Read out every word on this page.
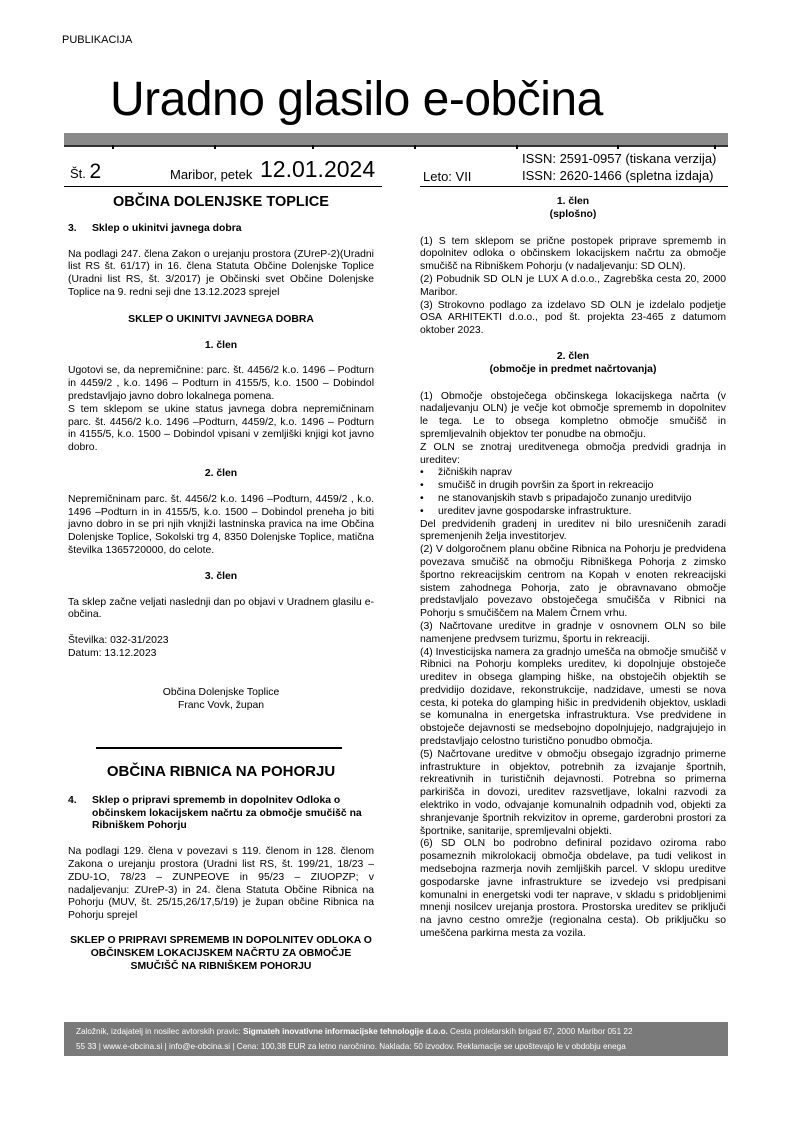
PUBLIKACIJA
Uradno glasilo e-občina
Št. 2	Maribor, petek 12.01.2024	Leto: VII
ISSN: 2591-0957 (tiskana verzija)
ISSN: 2620-1466 (spletna izdaja)

OBČINA DOLENJSKE TOPLICE

3.	Sklep o ukinitvi javnega dobra

Na podlagi 247. člena Zakon o urejanju prostora (ZUreP-2)(Uradni list RS št. 61/17) in 16. člena Statuta Občine Dolenjske Toplice (Uradni list RS, št. 3/2017) je Občinski svet Občine Dolenjske Toplice na 9. redni seji dne 13.12.2023 sprejel

SKLEP O UKINITVI JAVNEGA DOBRA

1. člen

Ugotovi se, da nepremičnine: parc. št. 4456/2 k.o. 1496 – Podturn in 4459/2 , k.o. 1496 – Podturn in 4155/5, k.o. 1500 – Dobindol predstavljajo javno dobro lokalnega pomena.

S tem sklepom se ukine status javnega dobra nepremičninam parc. št. 4456/2 k.o. 1496 –Podturn, 4459/2, k.o. 1496 – Podturn in 4155/5, k.o. 1500 – Dobindol vpisani v zemljiški knjigi kot javno dobro.

2. člen

Nepremičninam parc. št. 4456/2 k.o. 1496 –Podturn, 4459/2 , k.o. 1496 –Podturn in in 4155/5, k.o. 1500 – Dobindol preneha jo biti javno dobro in se pri njih vknjiži lastninska pravica na ime Občina Dolenjske Toplice, Sokolski trg 4, 8350 Dolenjske Toplice, matična številka 1365720000, do celote.

3. člen

Ta sklep začne veljati naslednji dan po objavi v Uradnem glasilu e-občina.

Številka: 032-31/2023

Datum: 13.12.2023

Občina Dolenjske Toplice

Franc Vovk, župan

OBČINA RIBNICA NA POHORJU

4.	Sklep o pripravi sprememb in dopolnitev Odloka o občinskem lokacijskem načrtu za območje smučišč na Ribniškem Pohorju

Na podlagi 129. člena v povezavi s 119. členom in 128. členom Zakona o urejanju prostora (Uradni list RS, št. 199/21, 18/23 – ZDU-1O, 78/23 – ZUNPEOVE in 95/23 – ZIUOPZP; v nadaljevanju: ZUreP-3) in 24. člena Statuta Občine Ribnica na Pohorju (MUV, št. 25/15,26/17,5/19) je župan občine Ribnica na Pohorju sprejel

SKLEP O PRIPRAVI SPREMEMB IN DOPOLNITEV ODLOKA O OBČINSKEM LOKACIJSKEM NAČRTU ZA OBMOČJE SMUČIŠČ NA RIBNIŠKEM POHORJU

1. člen

(splošno)

(1) S tem sklepom se prične postopek priprave sprememb in dopolnitev odloka o občinskem lokacijskem načrtu za območje smučišč na Ribniškem Pohorju (v nadaljevanju: SD OLN).

(2) Pobudnik SD OLN je LUX A d.o.o., Zagrebška cesta 20, 2000 Maribor.

(3) Strokovno podlago za izdelavo SD OLN je izdelalo podjetje OSA ARHITEKTI d.o.o., pod št. projekta 23-465 z datumom oktober 2023.

2. člen

(območje in predmet načrtovanja)

(1) Območje obstoječega občinskega lokacijskega načrta (v nadaljevanju OLN) je večje kot območje sprememb in dopolnitev le tega. Le to obsega kompletno območje smučišč in spremljevalnih objektov ter ponudbe na območju.

Z OLN se znotraj ureditvenega območja predvidi gradnja in ureditev:

• žičniških naprav
• smučišč in drugih površin za šport in rekreacijo
• ne stanovanjskih stavb s pripadajočo zunanjo ureditvijo
• ureditev javne gospodarske infrastrukture.

Del predvidenih gradenj in ureditev ni bilo uresničenih zaradi spremenjenih želja investitorjev.

(2) V dolgoročnem planu občine Ribnica na Pohorju je predvidena povezava smučišč na območju Ribniškega Pohorja z zimsko športno rekreacijskim centrom na Kopah v enoten rekreacijski sistem zahodnega Pohorja, zato je obravnavano območje predstavljalo povezavo obstoječega smučišča v Ribnici na Pohorju s smučiščem na Malem Črnem vrhu.

(3) Načrtovane ureditve in gradnje v osnovnem OLN so bile namenjene predvsem turizmu, športu in rekreaciji.

(4) Investicijska namera za gradnjo umešča na območje smučišč v Ribnici na Pohorju kompleks ureditev, ki dopolnjuje obstoječe ureditev in obsega glamping hiške, na obstoječih objektih se predvidijo dozidave, rekonstrukcije, nadzidave, umesti se nova cesta, ki poteka do glamping hišic in predvidenih objektov, uskladi se komunalna in energetska infrastruktura. Vse predvidene in obstoječe dejavnosti se medsebojno dopolnjujejo, nadgrajujejo in predstavljajo celostno turistično ponudbo območja.

(5) Načrtovane ureditve v območju obsegajo izgradnjo primerne infrastrukture in objektov, potrebnih za izvajanje športnih, rekreativnih in turističnih dejavnosti. Potrebna so primerna parkirišča in dovozi, ureditev razsvetljave, lokalni razvodi za elektriko in vodo, odvajanje komunalnih odpadnih vod, objekti za shranjevanje športnih rekvizitov in opreme, garderobni prostori za športnike, sanitarije, spremljevalni objekti.

(6) SD OLN bo podrobno definiral pozidavo oziroma rabo posameznih mikrolokacij območja obdelave, pa tudi velikost in medsebojna razmerja novih zemljiških parcel. V sklopu ureditve gospodarske javne infrastrukture se izvedejo vsi predpisani komunalni in energetski vodi ter naprave, v skladu s pridobljenimi mnenji nosilcev urejanja prostora. Prostorska ureditev se priključi na javno cestno omrežje (regionalna cesta). Ob priključku so umeščena parkirna mesta za vozila.

Založnik, izdajatelj in nosilec avtorskih pravic: Sigmateh inovativne informacijske tehnologije d.o.o. Cesta proletarskih brigad 67, 2000 Maribor 051 22
55 33 | www.e-obcina.si | info@e-obcina.si | Cena: 100,38 EUR za letno naročnino. Naklada: 50 izvodov. Reklamacije se upoštevajo le v obdobju enega
